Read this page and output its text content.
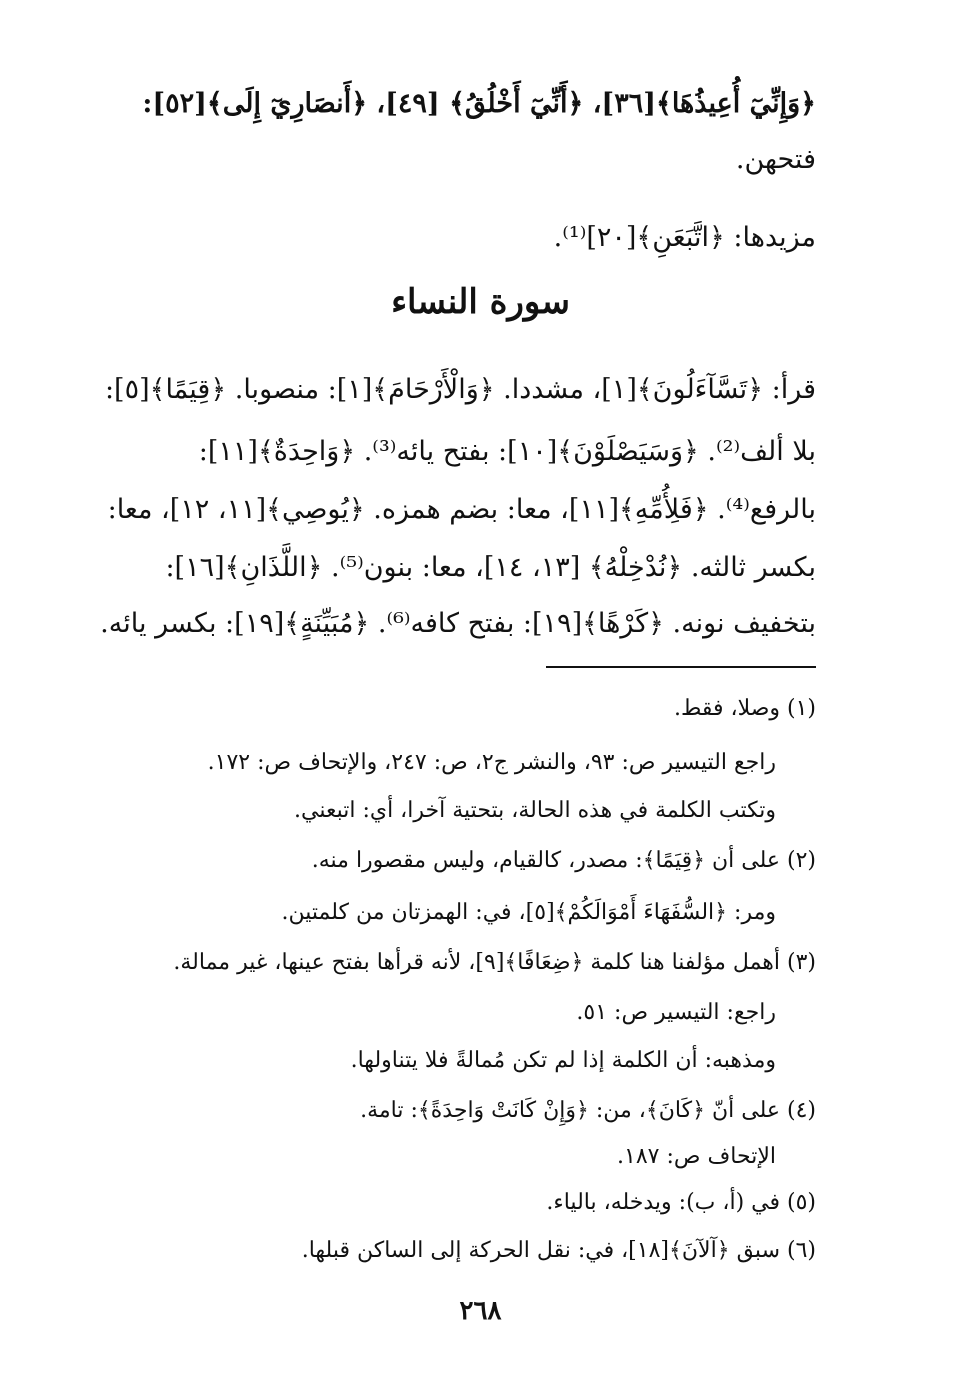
﴿وَإِنِّيٓ أُعِيذُهَا﴾[٣٦]، ﴿أَنِّيٓ أَخْلُقُ﴾ [٤٩]، ﴿أَنصَارِيٓ إِلَى﴾[٥٢]:
فتحهن.
مزيدها: ﴿اتَّبَعَنِ﴾[٢٠]⁽¹⁾.
سورة النساء
قرأ: ﴿تَسَّآءَلُونَ﴾[١]، مشددا. ﴿وَالْأَرْحَامَ﴾[١]: منصوبا. ﴿قِيَمًا﴾[٥]:
بلا ألف⁽²⁾. ﴿وَسَيَصْلَوْنَ﴾[١٠]: بفتح يائه⁽³⁾. ﴿وَاحِدَةٌ﴾[١١]:
بالرفع⁽⁴⁾. ﴿فَلِأُمِّهِ﴾[١١]، معا: بضم همزه. ﴿يُوصِي﴾[١١، ١٢]، معا:
بكسر ثالثه. ﴿نُدْخِلْهُ﴾ [١٣، ١٤]، معا: بنون⁽⁵⁾. ﴿اللَّذَانِ﴾[١٦]:
بتخفيف نونه. ﴿كَرْهًا﴾[١٩]: بفتح كافه⁽⁶⁾. ﴿مُبَيِّنَةٍ﴾[١٩]: بكسر يائه.
(١) وصلا، فقط.
راجع التيسير ص: ٩٣، والنشر ج٢، ص: ٢٤٧، والإتحاف ص: ١٧٢.
وتكتب الكلمة في هذه الحالة، بتحتية آخرا، أي: اتبعني.
(٢) على أن ﴿قِيَمًا﴾: مصدر، كالقيام، وليس مقصورا منه.
ومر: ﴿السُّفَهَاءَ أَمْوَالَكُمْ﴾[٥]، في: الهمزتان من كلمتين.
(٣) أهمل مؤلفنا هنا كلمة ﴿ضِعَافًا﴾[٩]، لأنه قرأها بفتح عينها، غير ممالة.
راجع: التيسير ص: ٥١.
ومذهبه: أن الكلمة إذا لم تكن مُمالةً فلا يتناولها.
(٤) على أنّ ﴿كَانَ﴾، من: ﴿وَإِنْ كَانَتْ وَاحِدَةً﴾: تامة.
الإتحاف ص: ١٨٧.
(٥) في (أ، ب): ويدخله، بالياء.
(٦) سبق ﴿آلآنَ﴾[١٨]، في: نقل الحركة إلى الساكن قبلها.
٢٦٨
